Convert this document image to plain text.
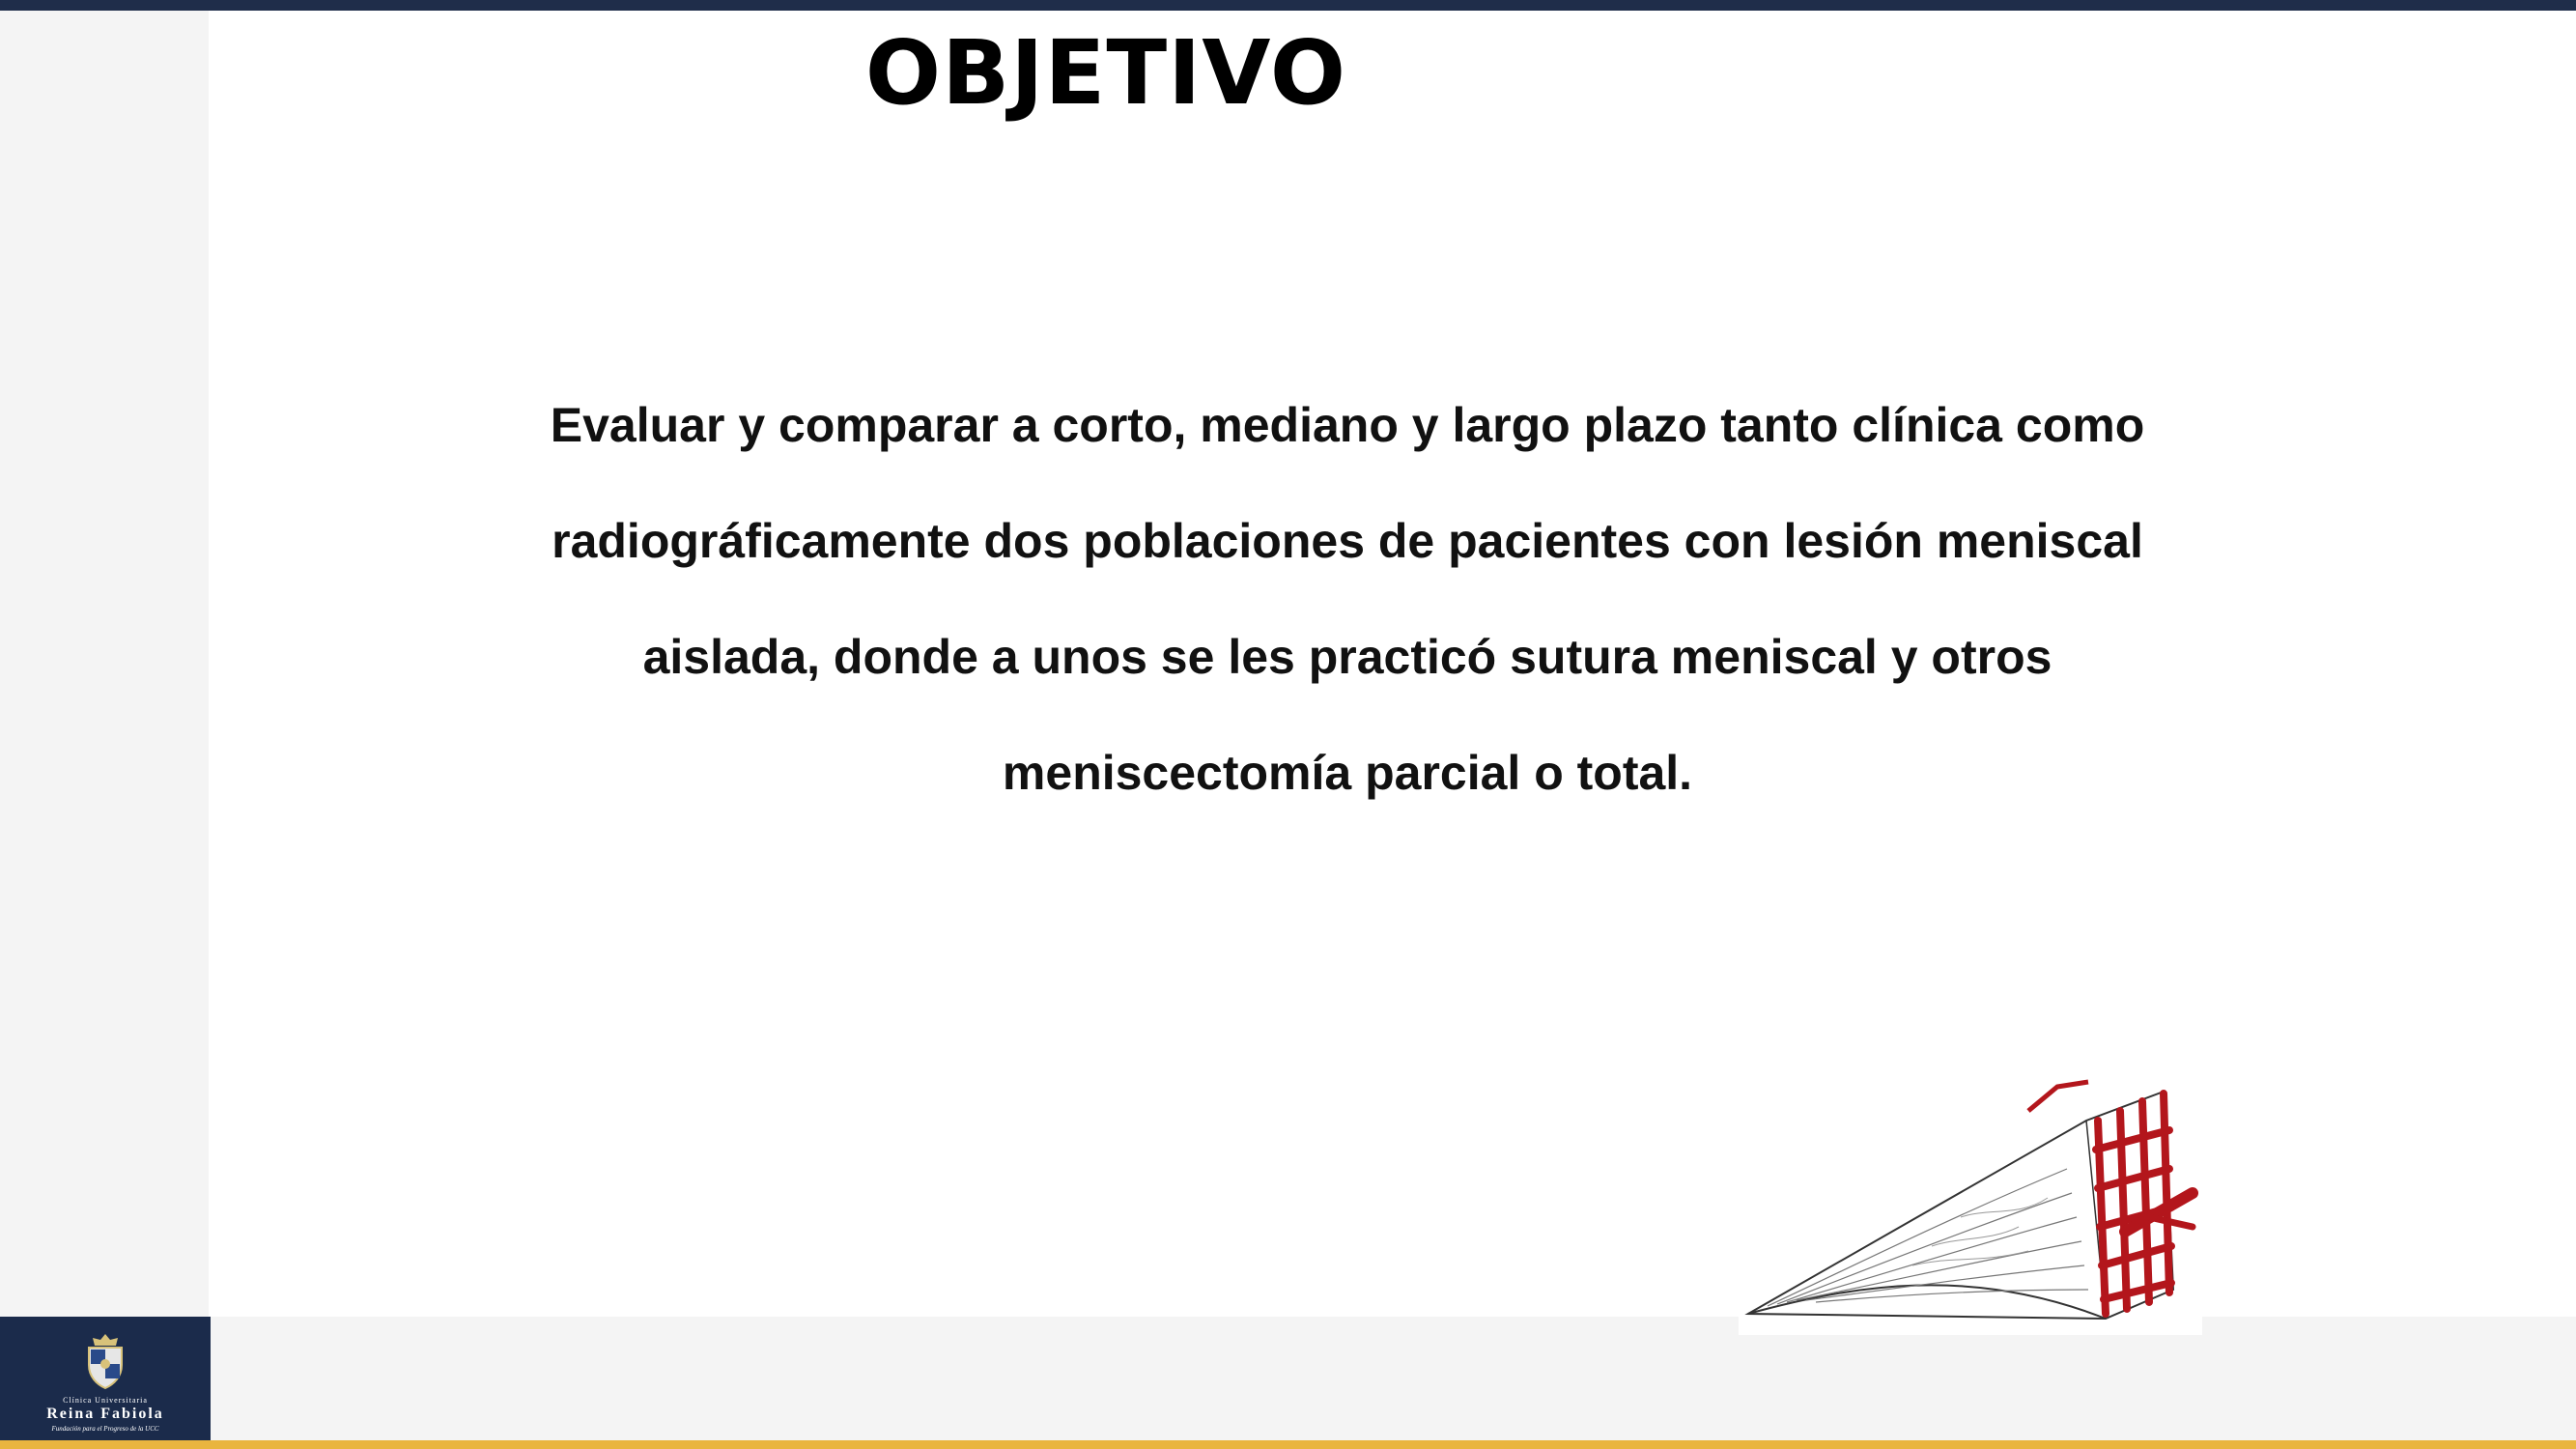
OBJETIVO

Evaluar y comparar a corto, mediano y largo plazo tanto clínica como radiográficamente dos poblaciones de pacientes con lesión meniscal aislada, donde a unos se les practicó sutura meniscal y otros meniscectomía parcial o total.

Clínica Universitaria
Reina Fabiola
Fundación para el Progreso de la UCC
